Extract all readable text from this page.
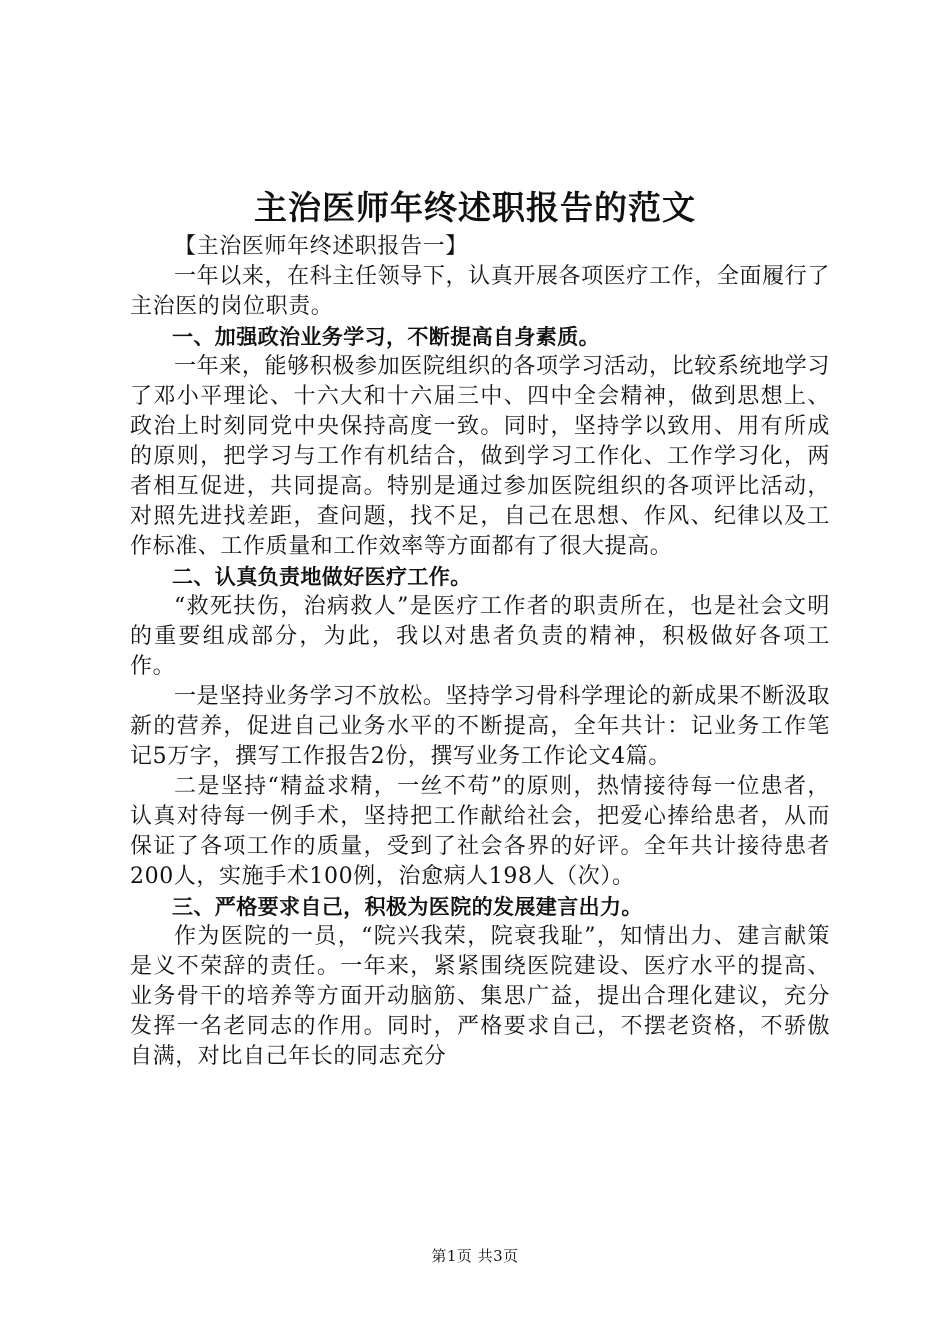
主治医师年终述职报告的范文

【主治医师年终述职报告一】

一年以来，在科主任领导下，认真开展各项医疗工作，全面履行了主治医的岗位职责。

一、加强政治业务学习，不断提高自身素质。

一年来，能够积极参加医院组织的各项学习活动，比较系统地学习了邓小平理论、十六大和十六届三中、四中全会精神，做到思想上、政治上时刻同党中央保持高度一致。同时，坚持学以致用、用有所成的原则，把学习与工作有机结合，做到学习工作化、工作学习化，两者相互促进，共同提高。特别是通过参加医院组织的各项评比活动，对照先进找差距，查问题，找不足，自己在思想、作风、纪律以及工作标准、工作质量和工作效率等方面都有了很大提高。

二、认真负责地做好医疗工作。

“救死扶伤，治病救人”是医疗工作者的职责所在，也是社会文明的重要组成部分，为此，我以对患者负责的精神，积极做好各项工作。

一是坚持业务学习不放松。坚持学习骨科学理论的新成果不断汲取新的营养，促进自己业务水平的不断提高，全年共计：记业务工作笔记5万字，撰写工作报告2份，撰写业务工作论文4篇。

二是坚持“精益求精，一丝不苟”的原则，热情接待每一位患者，认真对待每一例手术，坚持把工作献给社会，把爱心捧给患者，从而保证了各项工作的质量，受到了社会各界的好评。全年共计接待患者200人，实施手术100例，治愈病人198人（次）。

三、严格要求自己，积极为医院的发展建言出力。

作为医院的一员，“院兴我荣，院衰我耻”，知情出力、建言献策是义不荣辞的责任。一年来，紧紧围绕医院建设、医疗水平的提高、业务骨干的培养等方面开动脑筋、集思广益，提出合理化建议，充分发挥一名老同志的作用。同时，严格要求自己，不摆老资格，不骄傲自满，对比自己年长的同志充分

第1页 共3页
